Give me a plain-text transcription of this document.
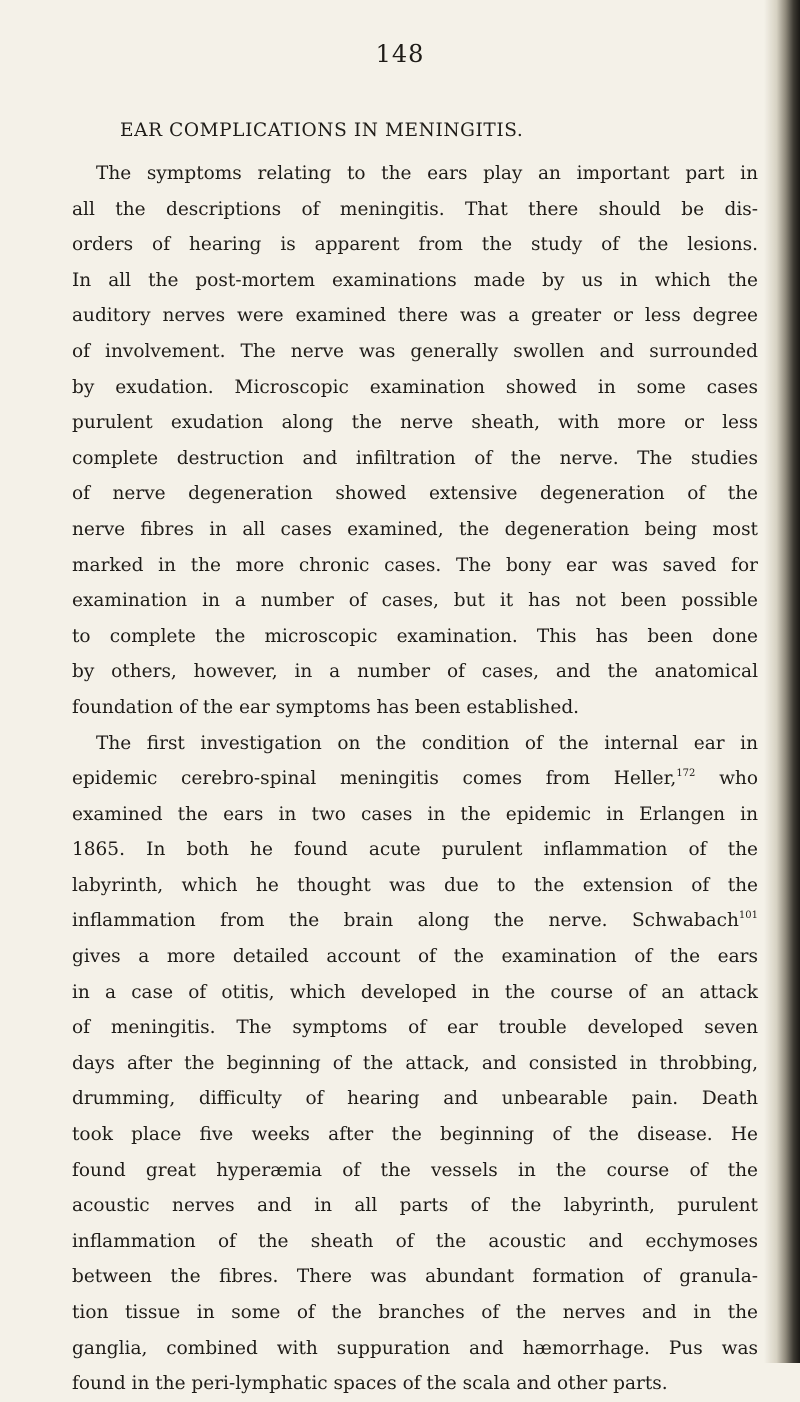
148
EAR COMPLICATIONS IN MENINGITIS.
The symptoms relating to the ears play an important part in
all the descriptions of meningitis. That there should be dis-
orders of hearing is apparent from the study of the lesions.
In all the post-mortem examinations made by us in which the
auditory nerves were examined there was a greater or less degree
of involvement. The nerve was generally swollen and surrounded
by exudation. Microscopic examination showed in some cases
purulent exudation along the nerve sheath, with more or less
complete destruction and infiltration of the nerve. The studies
of nerve degeneration showed extensive degeneration of the
nerve fibres in all cases examined, the degeneration being most
marked in the more chronic cases. The bony ear was saved for
examination in a number of cases, but it has not been possible
to complete the microscopic examination. This has been done
by others, however, in a number of cases, and the anatomical
foundation of the ear symptoms has been established.
The first investigation on the condition of the internal ear in
epidemic cerebro-spinal meningitis comes from Heller,$^{172}$ who
examined the ears in two cases in the epidemic in Erlangen in
1865. In both he found acute purulent inflammation of the
labyrinth, which he thought was due to the extension of the
inflammation from the brain along the nerve. Schwabach$^{101}$
gives a more detailed account of the examination of the ears
in a case of otitis, which developed in the course of an attack
of meningitis. The symptoms of ear trouble developed seven
days after the beginning of the attack, and consisted in throbbing,
drumming, difficulty of hearing and unbearable pain. Death
took place five weeks after the beginning of the disease. He
found great hyperæmia of the vessels in the course of the
acoustic nerves and in all parts of the labyrinth, purulent
inflammation of the sheath of the acoustic and ecchymoses
between the fibres. There was abundant formation of granula-
tion tissue in some of the branches of the nerves and in the
ganglia, combined with suppuration and hæmorrhage. Pus was
found in the peri-lymphatic spaces of the scala and other parts.
